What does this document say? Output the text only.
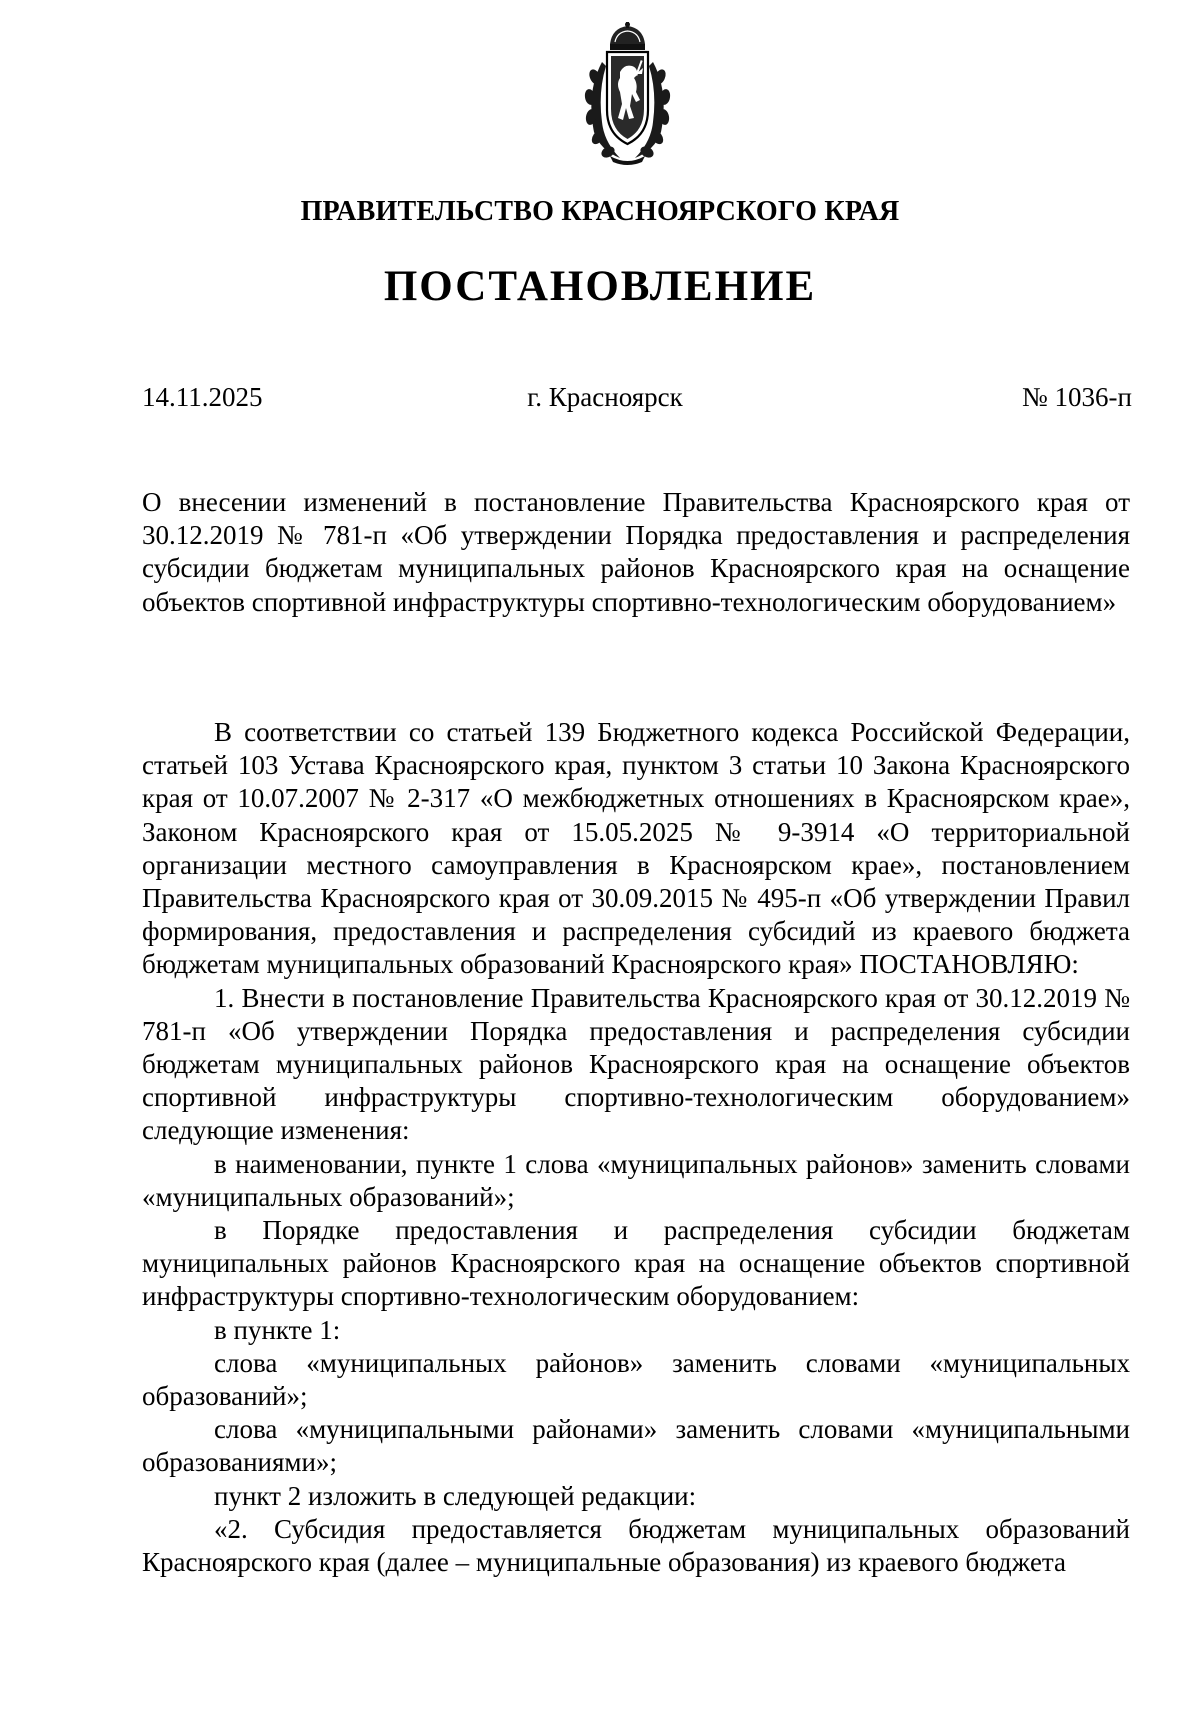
ПРАВИТЕЛЬСТВО КРАСНОЯРСКОГО КРАЯ
ПОСТАНОВЛЕНИЕ
14.11.2025	г. Красноярск	№ 1036-п

О внесении изменений в постановление Правительства Красноярского края от 30.12.2019 № 781-п «Об утверждении Порядка предоставления и распределения субсидии бюджетам муниципальных районов Красноярского края на оснащение объектов спортивной инфраструктуры спортивно-технологическим оборудованием»

В соответствии со статьей 139 Бюджетного кодекса Российской Федерации, статьей 103 Устава Красноярского края, пунктом 3 статьи 10 Закона Красноярского края от 10.07.2007 № 2-317 «О межбюджетных отношениях в Красноярском крае», Законом Красноярского края от 15.05.2025 № 9-3914 «О территориальной организации местного самоуправления в Красноярском крае», постановлением Правительства Красноярского края от 30.09.2015 № 495-п «Об утверждении Правил формирования, предоставления и распределения субсидий из краевого бюджета бюджетам муниципальных образований Красноярского края» ПОСТАНОВЛЯЮ:

1. Внести в постановление Правительства Красноярского края от 30.12.2019 № 781-п «Об утверждении Порядка предоставления и распределения субсидии бюджетам муниципальных районов Красноярского края на оснащение объектов спортивной инфраструктуры спортивно-технологическим оборудованием» следующие изменения:

в наименовании, пункте 1 слова «муниципальных районов» заменить словами «муниципальных образований»;

в Порядке предоставления и распределения субсидии бюджетам муниципальных районов Красноярского края на оснащение объектов спортивной инфраструктуры спортивно-технологическим оборудованием:

в пункте 1:

слова «муниципальных районов» заменить словами «муниципальных образований»;

слова «муниципальными районами» заменить словами «муниципальными образованиями»;

пункт 2 изложить в следующей редакции:

«2. Субсидия предоставляется бюджетам муниципальных образований Красноярского края (далее – муниципальные образования) из краевого бюджета
